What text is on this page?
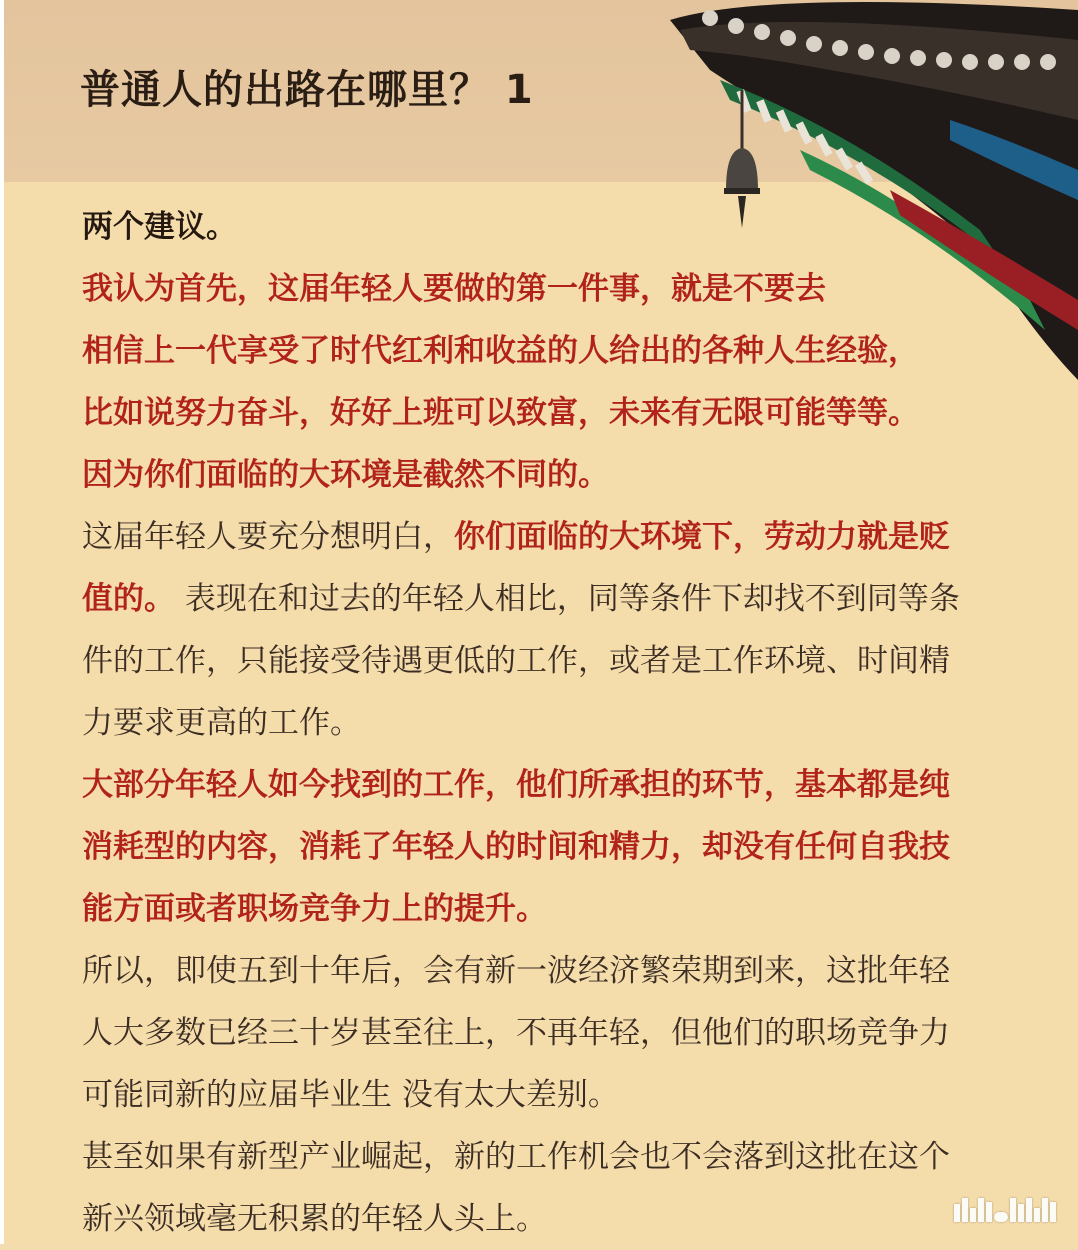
普通人的出路在哪里？ 1
两个建议。
我认为首先，这届年轻人要做的第一件事，就是不要去
相信上一代享受了时代红利和收益的人给出的各种人生经验，
比如说努力奋斗，好好上班可以致富，未来有无限可能等等。
因为你们面临的大环境是截然不同的。
这届年轻人要充分想明白，你们面临的大环境下，劳动力就是贬
值的。 表现在和过去的年轻人相比，同等条件下却找不到同等条
件的工作，只能接受待遇更低的工作，或者是工作环境、时间精
力要求更高的工作。
大部分年轻人如今找到的工作，他们所承担的环节，基本都是纯
消耗型的内容，消耗了年轻人的时间和精力，却没有任何自我技
能方面或者职场竞争力上的提升。
所以，即使五到十年后，会有新一波经济繁荣期到来，这批年轻
人大多数已经三十岁甚至往上，不再年轻，但他们的职场竞争力
可能同新的应届毕业生 没有太大差别。
甚至如果有新型产业崛起，新的工作机会也不会落到这批在这个
新兴领域毫无积累的年轻人头上。
